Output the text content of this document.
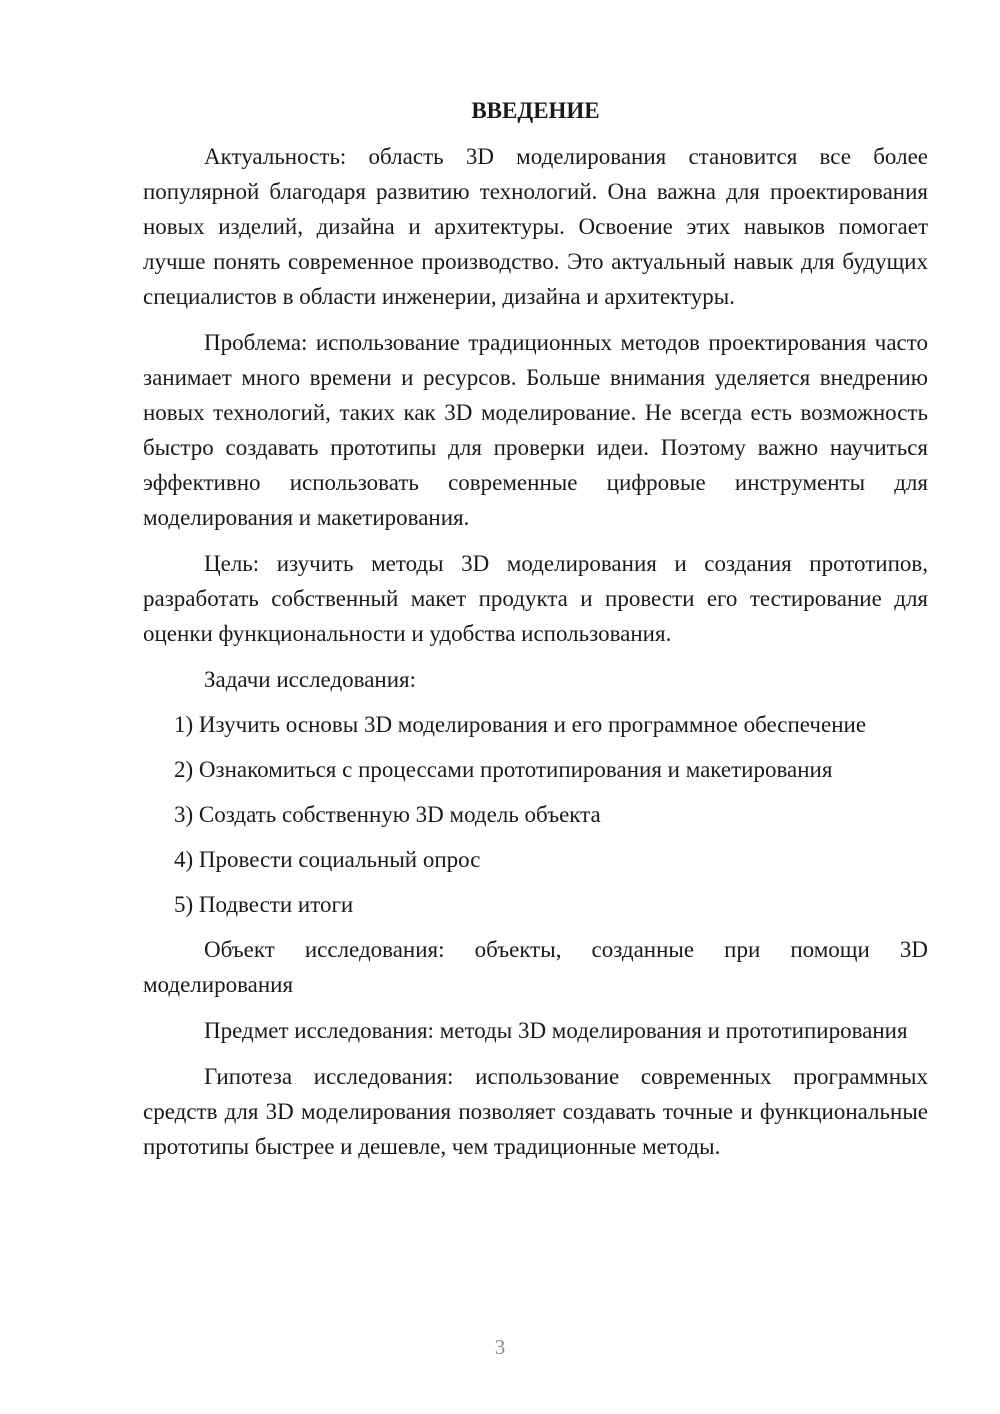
ВВЕДЕНИЕ

Актуальность: область 3D моделирования становится все более популярной благодаря развитию технологий. Она важна для проектирования новых изделий, дизайна и архитектуры. Освоение этих навыков помогает лучше понять современное производство. Это актуальный навык для будущих специалистов в области инженерии, дизайна и архитектуры.

Проблема: использование традиционных методов проектирования часто занимает много времени и ресурсов. Больше внимания уделяется внедрению новых технологий, таких как 3D моделирование. Не всегда есть возможность быстро создавать прототипы для проверки идеи. Поэтому важно научиться эффективно использовать современные цифровые инструменты для моделирования и макетирования.

Цель: изучить методы 3D моделирования и создания прототипов, разработать собственный макет продукта и провести его тестирование для оценки функциональности и удобства использования.

Задачи исследования:

1) Изучить основы 3D моделирования и его программное обеспечение
2) Ознакомиться с процессами прототипирования и макетирования
3) Создать собственную 3D модель объекта
4) Провести социальный опрос
5) Подвести итоги

Объект исследования: объекты, созданные при помощи 3D моделирования

Предмет исследования: методы 3D моделирования и прототипирования

Гипотеза исследования: использование современных программных средств для 3D моделирования позволяет создавать точные и функциональные прототипы быстрее и дешевле, чем традиционные методы.

3
